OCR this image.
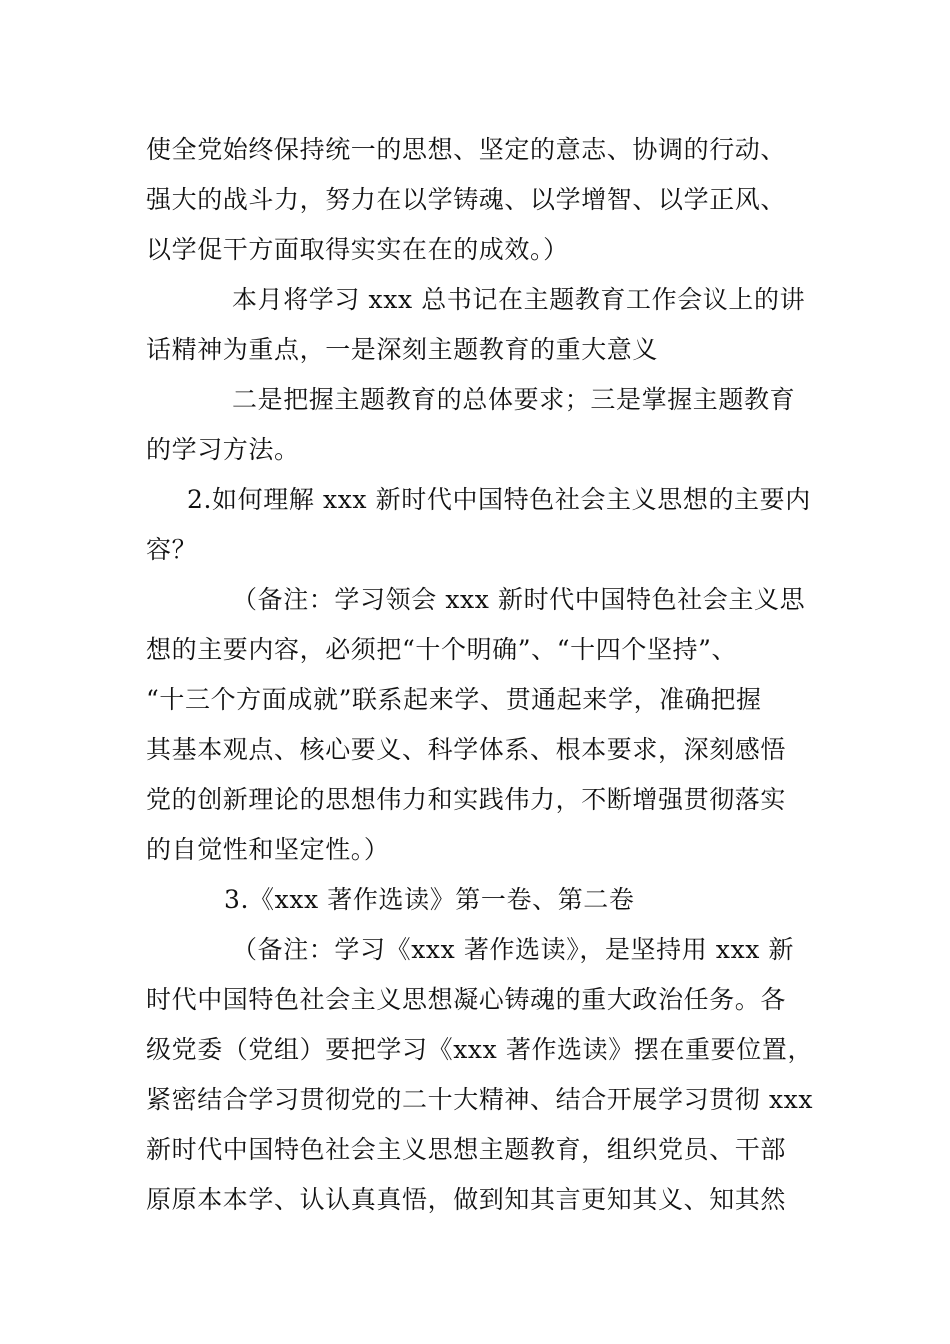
使全党始终保持统一的思想、坚定的意志、协调的行动、

强大的战斗力，努力在以学铸魂、以学增智、以学正风、

以学促干方面取得实实在在的成效。）

本月将学习 xxx 总书记在主题教育工作会议上的讲

话精神为重点，一是深刻主题教育的重大意义

二是把握主题教育的总体要求；三是掌握主题教育

的学习方法。

2.如何理解 xxx 新时代中国特色社会主义思想的主要内

容？

（备注：学习领会 xxx 新时代中国特色社会主义思

想的主要内容，必须把“十个明确”、“十四个坚持”、

“十三个方面成就”联系起来学、贯通起来学，准确把握

其基本观点、核心要义、科学体系、根本要求，深刻感悟

党的创新理论的思想伟力和实践伟力，不断增强贯彻落实

的自觉性和坚定性。）

3.《xxx 著作选读》第一卷、第二卷

（备注：学习《xxx 著作选读》，是坚持用 xxx 新

时代中国特色社会主义思想凝心铸魂的重大政治任务。各

级党委（党组）要把学习《xxx 著作选读》摆在重要位置，

紧密结合学习贯彻党的二十大精神、结合开展学习贯彻 xxx

新时代中国特色社会主义思想主题教育，组织党员、干部

原原本本学、认认真真悟，做到知其言更知其义、知其然
